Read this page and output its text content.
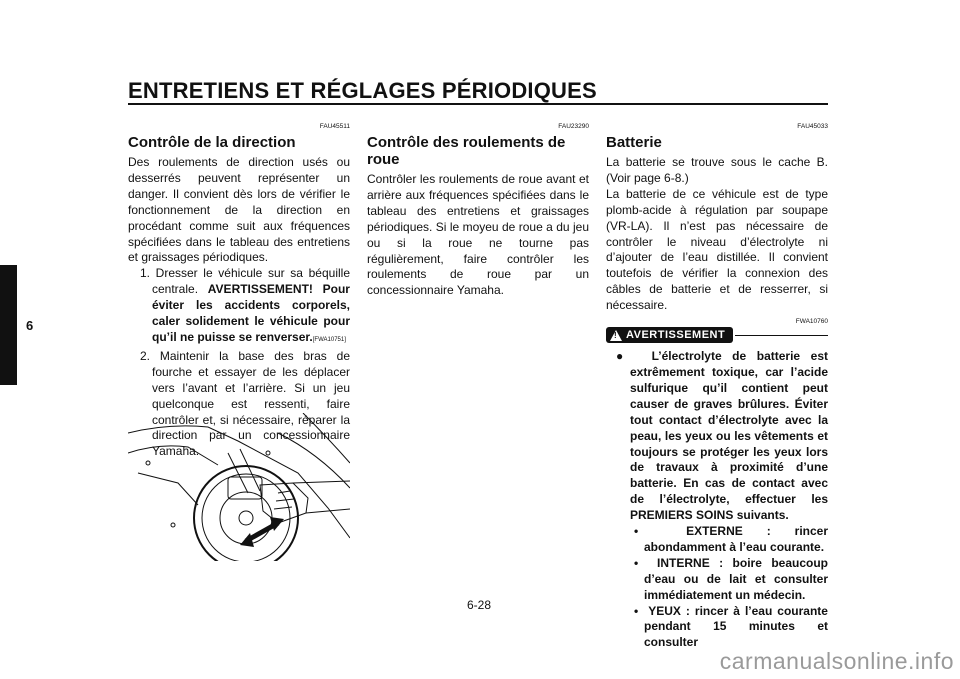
ENTRETIENS ET RÉGLAGES PÉRIODIQUES
6
FAU45511
Contrôle de la direction

Des roulements de direction usés ou desserrés peuvent représenter un danger. Il convient dès lors de vérifier le fonctionnement de la direction en procédant comme suit aux fréquences spécifiées dans le tableau des entretiens et graissages périodiques.

1. Dresser le véhicule sur sa béquille centrale. AVERTISSEMENT! Pour éviter les accidents corporels, caler solidement le véhicule pour qu’il ne puisse se renverser.[FWA10751]
2. Maintenir la base des bras de fourche et essayer de les déplacer vers l’avant et l’arrière. Si un jeu quelconque est ressenti, faire contrôler et, si nécessaire, réparer la direction par un concessionnaire Yamaha.
FAU23290
Contrôle des roulements de roue

Contrôler les roulements de roue avant et arrière aux fréquences spécifiées dans le tableau des entretiens et graissages périodiques. Si le moyeu de roue a du jeu ou si la roue ne tourne pas régulièrement, faire contrôler les roulements de roue par un concessionnaire Yamaha.

FAU45033
Batterie

La batterie se trouve sous le cache B. (Voir page 6-8.)
La batterie de ce véhicule est de type plomb-acide à régulation par soupape (VR-LA). Il n’est pas nécessaire de contrôler le niveau d’électrolyte ni d’ajouter de l’eau distillée. Il convient toutefois de vérifier la connexion des câbles de batterie et de resserrer, si nécessaire.

FWA10760
! AVERTISSEMENT
●  L’électrolyte de batterie est extrêmement toxique, car l’acide sulfurique qu’il contient peut causer de graves brûlures. Éviter tout contact d’électrolyte avec la peau, les yeux ou les vêtements et toujours se protéger les yeux lors de travaux à proximité d’une batterie. En cas de contact avec de l’électrolyte, effectuer les PREMIERS SOINS suivants.
•  EXTERNE : rincer abondamment à l’eau courante.
•  INTERNE : boire beaucoup d’eau ou de lait et consulter immédiatement un médecin.
•  YEUX : rincer à l’eau courante pendant 15 minutes et consulter
6-28
carmanualsonline.info
